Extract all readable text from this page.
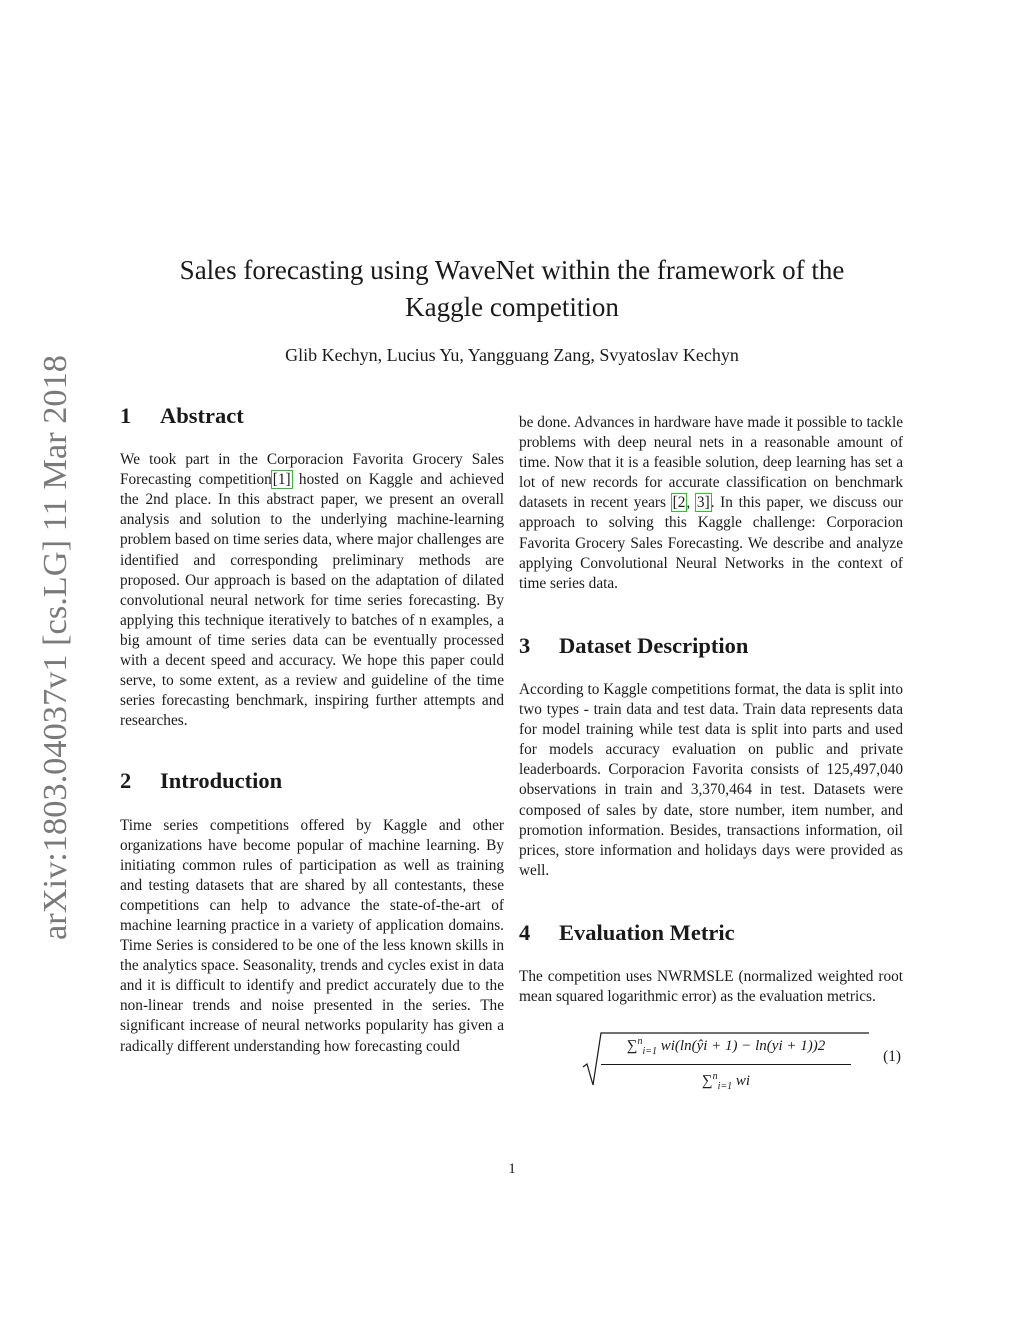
arXiv:1803.04037v1 [cs.LG] 11 Mar 2018
Sales forecasting using WaveNet within the framework of the
Kaggle competition

Glib Kechyn, Lucius Yu, Yangguang Zang, Svyatoslav Kechyn

1	Abstract

We took part in the Corporacion Favorita Grocery Sales Forecasting competition[1] hosted on Kaggle and achieved the 2nd place. In this abstract paper, we present an overall analysis and solution to the underlying machine-learning problem based on time series data, where major challenges are identified and corresponding preliminary methods are proposed. Our approach is based on the adaptation of dilated convolutional neural network for time series forecasting. By applying this technique iteratively to batches of n examples, a big amount of time series data can be eventually processed with a decent speed and accuracy. We hope this paper could serve, to some extent, as a review and guideline of the time series forecasting benchmark, inspiring further attempts and researches.

2	Introduction

Time series competitions offered by Kaggle and other organizations have become popular of machine learning. By initiating common rules of participation as well as training and testing datasets that are shared by all contestants, these competitions can help to advance the state-of-the-art of machine learning practice in a variety of application domains. Time Series is considered to be one of the less known skills in the analytics space. Seasonality, trends and cycles exist in data and it is difficult to identify and predict accurately due to the non-linear trends and noise presented in the series. The significant increase of neural networks popularity has given a radically different understanding how forecasting could

be done. Advances in hardware have made it possible to tackle problems with deep neural nets in a reasonable amount of time. Now that it is a feasible solution, deep learning has set a lot of new records for accurate classification on benchmark datasets in recent years [2, 3]. In this paper, we discuss our approach to solving this Kaggle challenge: Corporacion Favorita Grocery Sales Forecasting. We describe and analyze applying Convolutional Neural Networks in the context of time series data.

3	Dataset Description

According to Kaggle competitions format, the data is split into two types - train data and test data. Train data represents data for model training while test data is split into parts and used for models accuracy evaluation on public and private leaderboards. Corporacion Favorita consists of 125,497,040 observations in train and 3,370,464 in test. Datasets were composed of sales by date, store number, item number, and promotion information. Besides, transactions information, oil prices, store information and holidays days were provided as well.

4	Evaluation Metric

The competition uses NWRMSLE (normalized weighted root mean squared logarithmic error) as the evaluation metrics.

∑$^n_{i=1}$ wi(ln(ŷi + 1) − ln(yi + 1))2
∑$^n_{i=1}$ wi
(1)
1
